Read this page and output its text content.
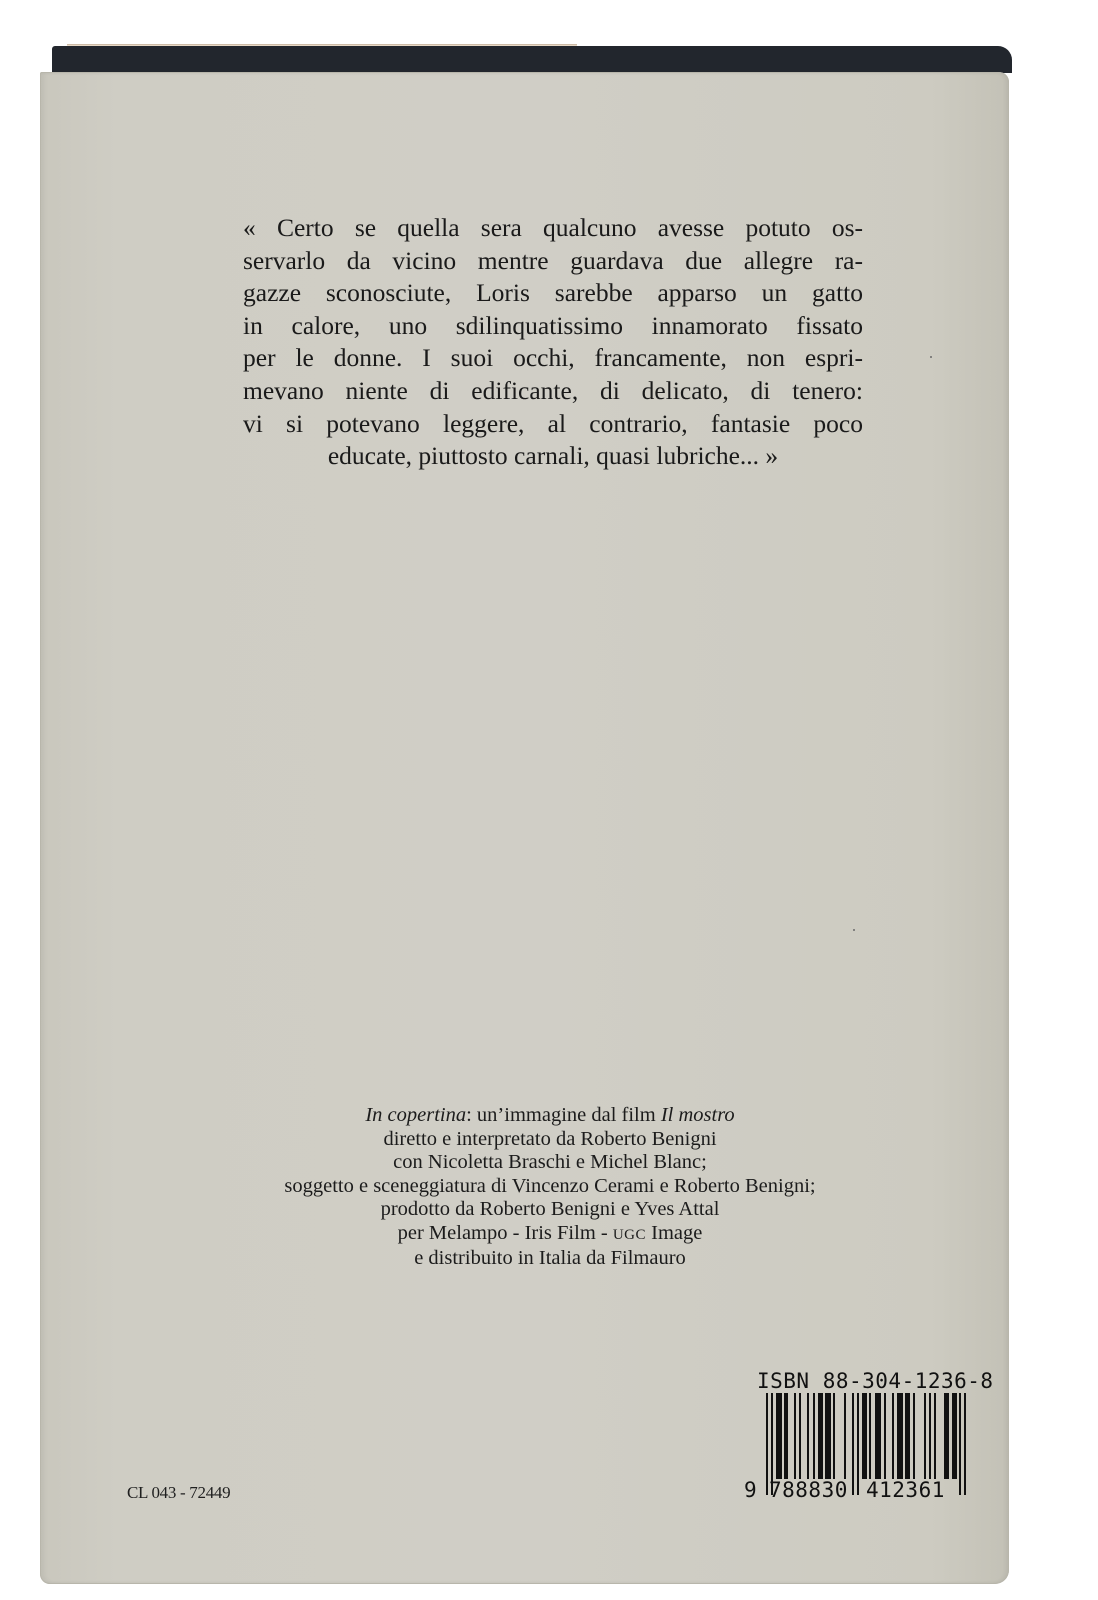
« Certo se quella sera qualcuno avesse potuto os-
servarlo da vicino mentre guardava due allegre ra-
gazze sconosciute, Loris sarebbe apparso un gatto
in calore, uno sdilinquatissimo innamorato fissato
per le donne. I suoi occhi, francamente, non espri-
mevano niente di edificante, di delicato, di tenero:
vi si potevano leggere, al contrario, fantasie poco
educate, piuttosto carnali, quasi lubriche... »
In copertina: un’immagine dal film Il mostro
diretto e interpretato da Roberto Benigni
con Nicoletta Braschi e Michel Blanc;
soggetto e sceneggiatura di Vincenzo Cerami e Roberto Benigni;
prodotto da Roberto Benigni e Yves Attal
per Melampo - Iris Film - UGC Image
e distribuito in Italia da Filmauro
CL 043 - 72449
ISBN 88-304-1236-8
9 788830 412361
